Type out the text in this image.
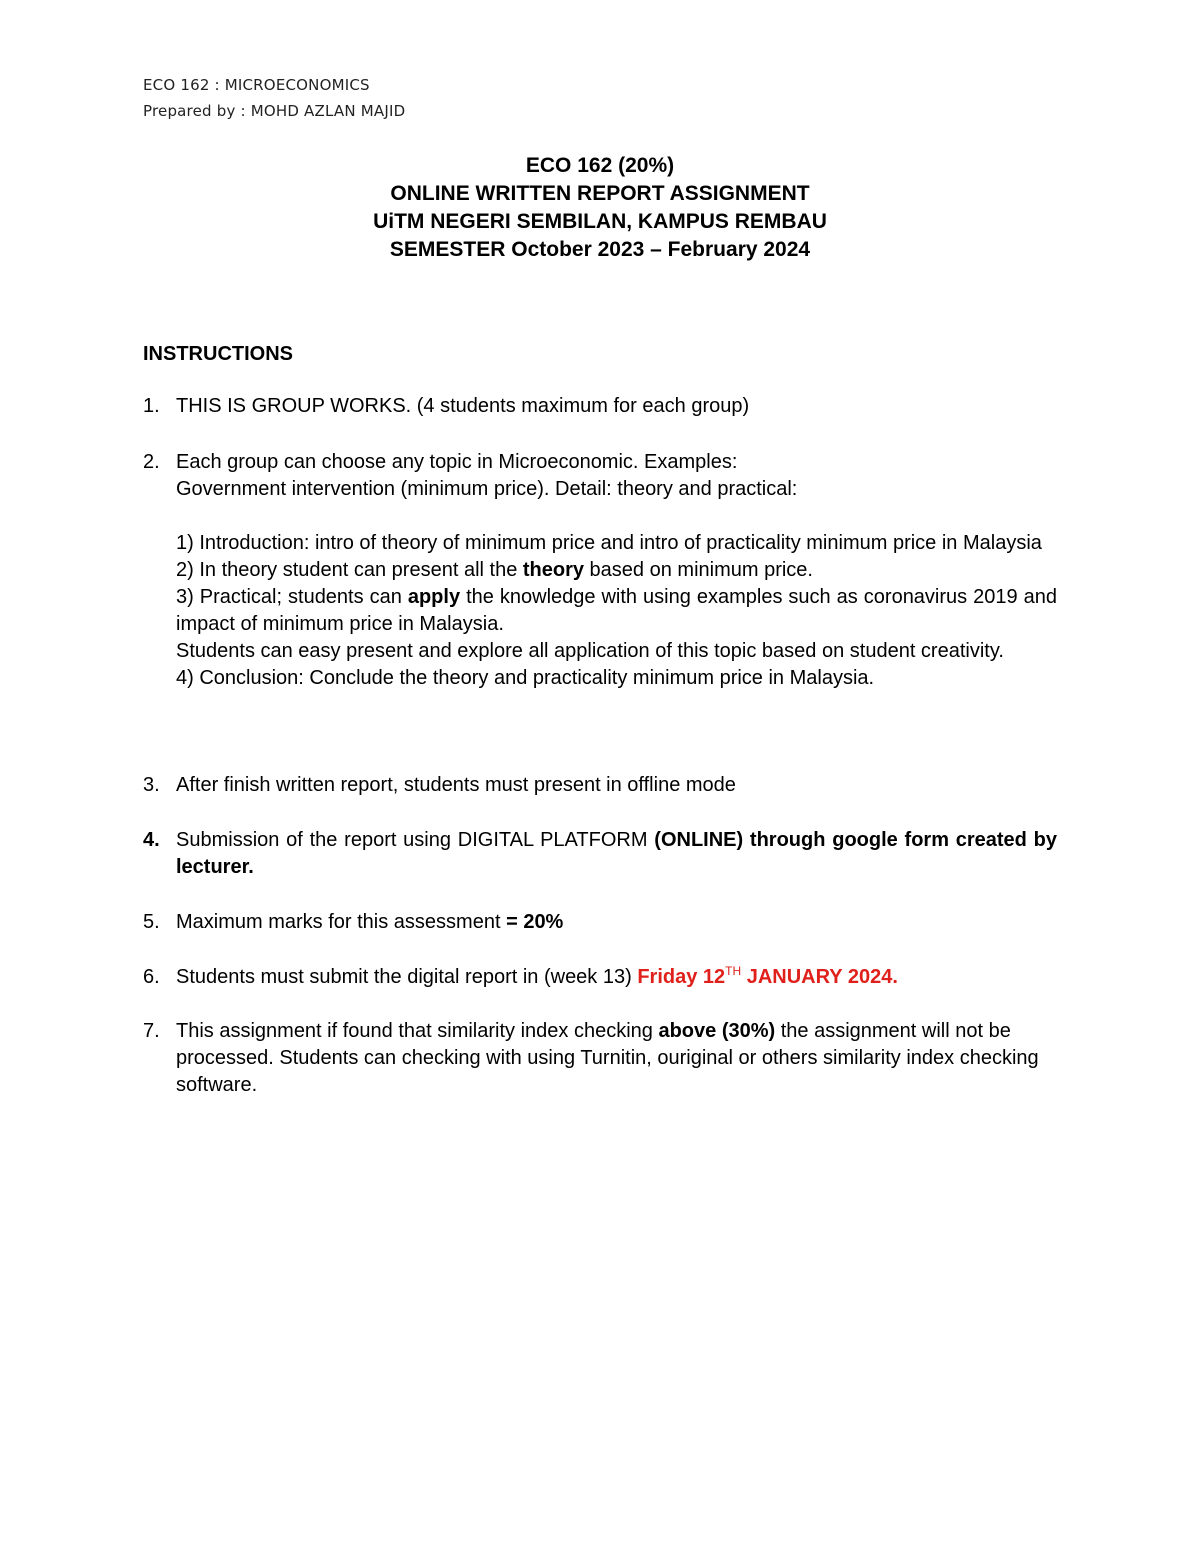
ECO 162 : MICROECONOMICS
Prepared by : MOHD AZLAN MAJID
ECO 162 (20%)
ONLINE WRITTEN REPORT ASSIGNMENT
UiTM NEGERI SEMBILAN, KAMPUS REMBAU
SEMESTER October 2023 – February 2024
INSTRUCTIONS
1. THIS IS GROUP WORKS. (4 students maximum for each group)
2. Each group can choose any topic in Microeconomic. Examples:
Government intervention (minimum price). Detail: theory and practical:
1) Introduction: intro of theory of minimum price and intro of practicality minimum price in Malaysia
2) In theory student can present all the theory based on minimum price.
3) Practical; students can apply the knowledge with using examples such as coronavirus 2019 and impact of minimum price in Malaysia.
Students can easy present and explore all application of this topic based on student creativity.
4) Conclusion: Conclude the theory and practicality minimum price in Malaysia.
3. After finish written report, students must present in offline mode
4. Submission of the report using DIGITAL PLATFORM (ONLINE) through google form created by lecturer.
5. Maximum marks for this assessment = 20%
6. Students must submit the digital report in (week 13) Friday 12TH JANUARY 2024.
7. This assignment if found that similarity index checking above (30%) the assignment will not be processed. Students can checking with using Turnitin, ouriginal or others similarity index checking software.
